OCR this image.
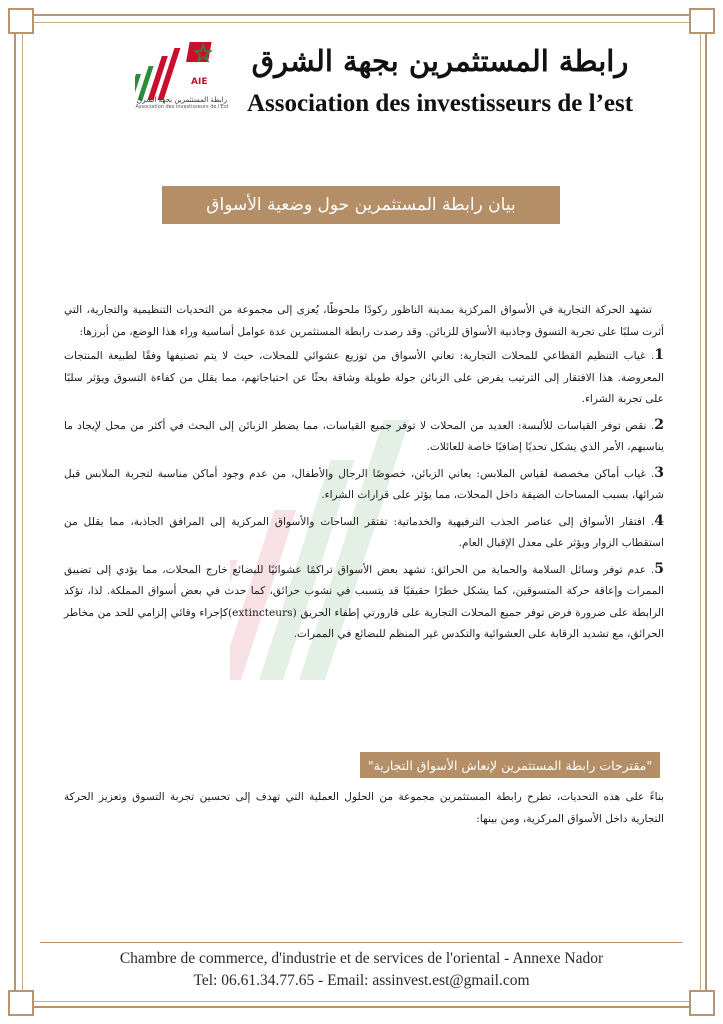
AIE
رابطة المستثمرين بجهة الشرق
Association des investisseurs de l'Est
رابطة المستثمرين بجهة الشرق
Association des investisseurs de l’est
بيان رابطة المستثمرين حول وضعية الأسواق

تشهد الحركة التجارية في الأسواق المركزية بمدينة الناظور ركودًا ملحوظًا، يُعزى إلى مجموعة من التحديات التنظيمية والتجارية، التي أثرت سلبًا على تجربة التسوق وجاذبية الأسواق للزبائن. وقد رصدت رابطة المستثمرين عدة عوامل أساسية وراء هذا الوضع، من أبرزها:

1. غياب التنظيم القطاعي للمحلات التجارية: تعاني الأسواق من توزيع عشوائي للمحلات، حيث لا يتم تصنيفها وفقًا لطبيعة المنتجات المعروضة. هذا الافتقار إلى الترتيب يفرض على الزبائن جولة طويلة وشاقة بحثًا عن احتياجاتهم، مما يقلل من كفاءة التسوق ويؤثر سلبًا على تجربة الشراء.

2. نقص توفر القياسات للألبسة: العديد من المحلات لا توفر جميع القياسات، مما يضطر الزبائن إلى البحث في أكثر من محل لإيجاد ما يناسبهم، الأمر الذي يشكل تحديًا إضافيًا خاصة للعائلات.

3. غياب أماكن مخصصة لقياس الملابس: يعاني الزبائن، خصوصًا الرجال والأطفال، من عدم وجود أماكن مناسبة لتجربة الملابس قبل شرائها، بسبب المساحات الضيقة داخل المحلات، مما يؤثر على قرارات الشراء.

4. افتقار الأسواق إلى عناصر الجذب الترفيهية والخدماتية: تفتقر الساحات والأسواق المركزية إلى المرافق الجاذبة، مما يقلل من استقطاب الزوار ويؤثر على معدل الإقبال العام.

5. عدم توفر وسائل السلامة والحماية من الحرائق: تشهد بعض الأسواق تراكمًا عشوائيًا للبضائع خارج المحلات، مما يؤدي إلى تضييق الممرات وإعاقة حركة المتسوقين، كما يشكل خطرًا حقيقيًا قد يتسبب في نشوب حرائق، كما حدث في بعض أسواق المملكة. لذا، تؤكد الرابطة على ضرورة فرض توفر جميع المحلات التجارية على قارورتي إطفاء الحريق (extincteurs)كإجراء وقائي إلزامي للحد من مخاطر الحرائق، مع تشديد الرقابة على العشوائية والتكدس غير المنظم للبضائع في الممرات.

"مقترحات رابطة المستثمرين لإنعاش الأسواق التجارية"

بناءً على هذه التحديات، تطرح رابطة المستثمرين مجموعة من الحلول العملية التي تهدف إلى تحسين تجربة التسوق وتعزيز الحركة التجارية داخل الأسواق المركزية، ومن بينها:

Chambre de commerce, d'industrie et de services de l'oriental - Annexe Nador
Tel: 06.61.34.77.65 - Email: assinvest.est@gmail.com
